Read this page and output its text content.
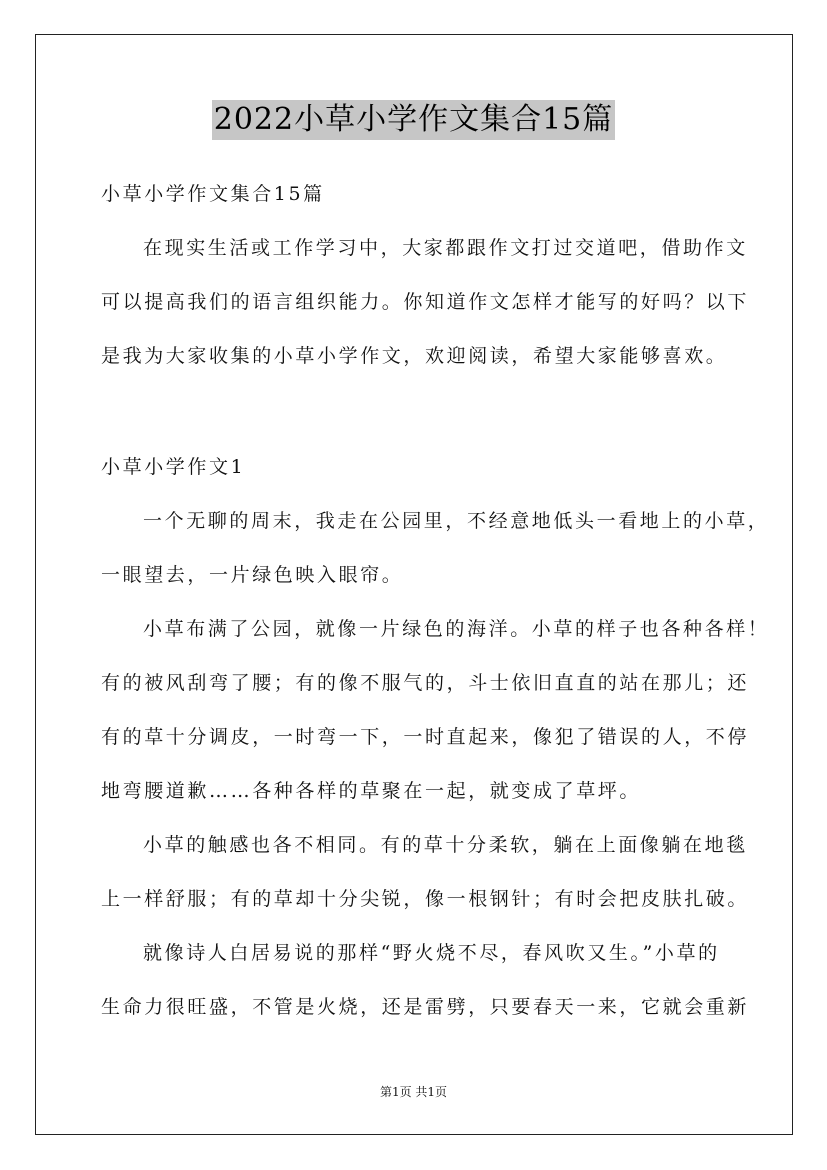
2022小草小学作文集合15篇
小草小学作文集合15篇
在现实生活或工作学习中，大家都跟作文打过交道吧，借助作文
可以提高我们的语言组织能力。你知道作文怎样才能写的好吗？以下
是我为大家收集的小草小学作文，欢迎阅读，希望大家能够喜欢。
小草小学作文1
一个无聊的周末，我走在公园里，不经意地低头一看地上的小草，
一眼望去，一片绿色映入眼帘。
小草布满了公园，就像一片绿色的海洋。小草的样子也各种各样！
有的被风刮弯了腰；有的像不服气的，斗士依旧直直的站在那儿；还
有的草十分调皮，一时弯一下，一时直起来，像犯了错误的人，不停
地弯腰道歉……各种各样的草聚在一起，就变成了草坪。
小草的触感也各不相同。有的草十分柔软，躺在上面像躺在地毯
上一样舒服；有的草却十分尖锐，像一根钢针；有时会把皮肤扎破。
就像诗人白居易说的那样“野火烧不尽，春风吹又生。”小草的
生命力很旺盛，不管是火烧，还是雷劈，只要春天一来，它就会重新
第1页 共1页
